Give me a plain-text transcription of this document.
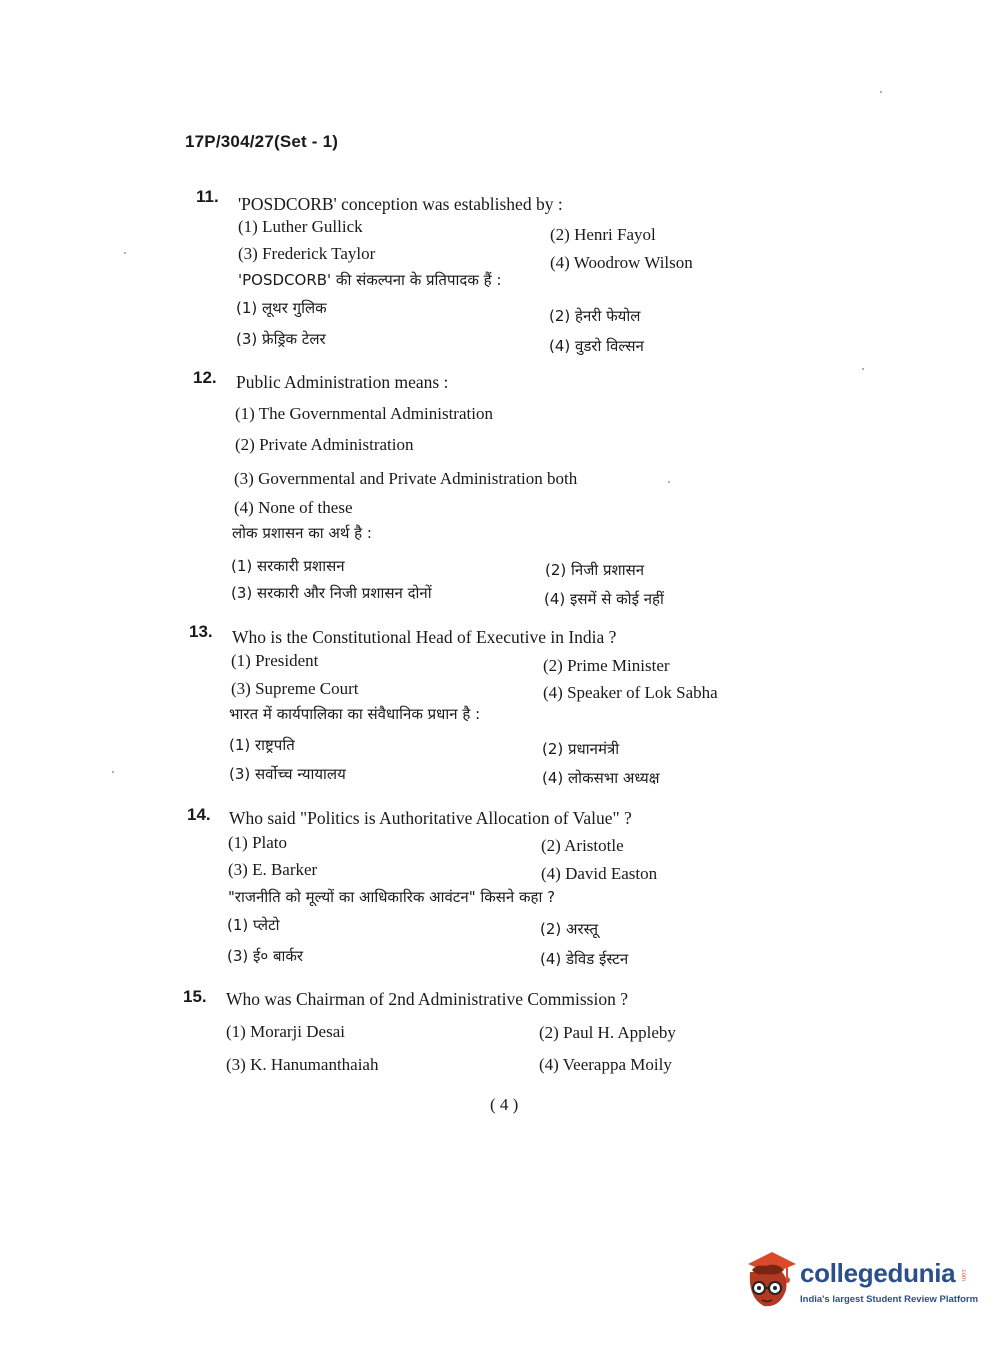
17P/304/27(Set - 1)
11. 'POSDCORB' conception was established by :
(1) Luther Gullick	(2) Henri Fayol
(3) Frederick Taylor	(4) Woodrow Wilson
'POSDCORB' की संकल्पना के प्रतिपादक हैं :
(1) लूथर गुलिक	(2) हेनरी फेयोल
(3) फ्रेड्रिक टेलर	(4) वुडरो विल्सन
12. Public Administration means :
(1) The Governmental Administration
(2) Private Administration
(3) Governmental and Private Administration both
(4) None of these
लोक प्रशासन का अर्थ है :
(1) सरकारी प्रशासन	(2) निजी प्रशासन
(3) सरकारी और निजी प्रशासन दोनों	(4) इसमें से कोई नहीं
13. Who is the Constitutional Head of Executive in India ?
(1) President	(2) Prime Minister
(3) Supreme Court	(4) Speaker of Lok Sabha
भारत में कार्यपालिका का संवैधानिक प्रधान है :
(1) राष्ट्रपति	(2) प्रधानमंत्री
(3) सर्वोच्च न्यायालय	(4) लोकसभा अध्यक्ष
14. Who said "Politics is Authoritative Allocation of Value" ?
(1) Plato	(2) Aristotle
(3) E. Barker	(4) David Easton
"राजनीति को मूल्यों का आधिकारिक आवंटन" किसने कहा ?
(1) प्लेटो	(2) अरस्तू
(3) ई० बार्कर	(4) डेविड ईस्टन
15. Who was Chairman of 2nd Administrative Commission ?
(1) Morarji Desai	(2) Paul H. Appleby
(3) K. Hanumanthaiah	(4) Veerappa Moily
( 4 )
collegedunia .com
India's largest Student Review Platform
